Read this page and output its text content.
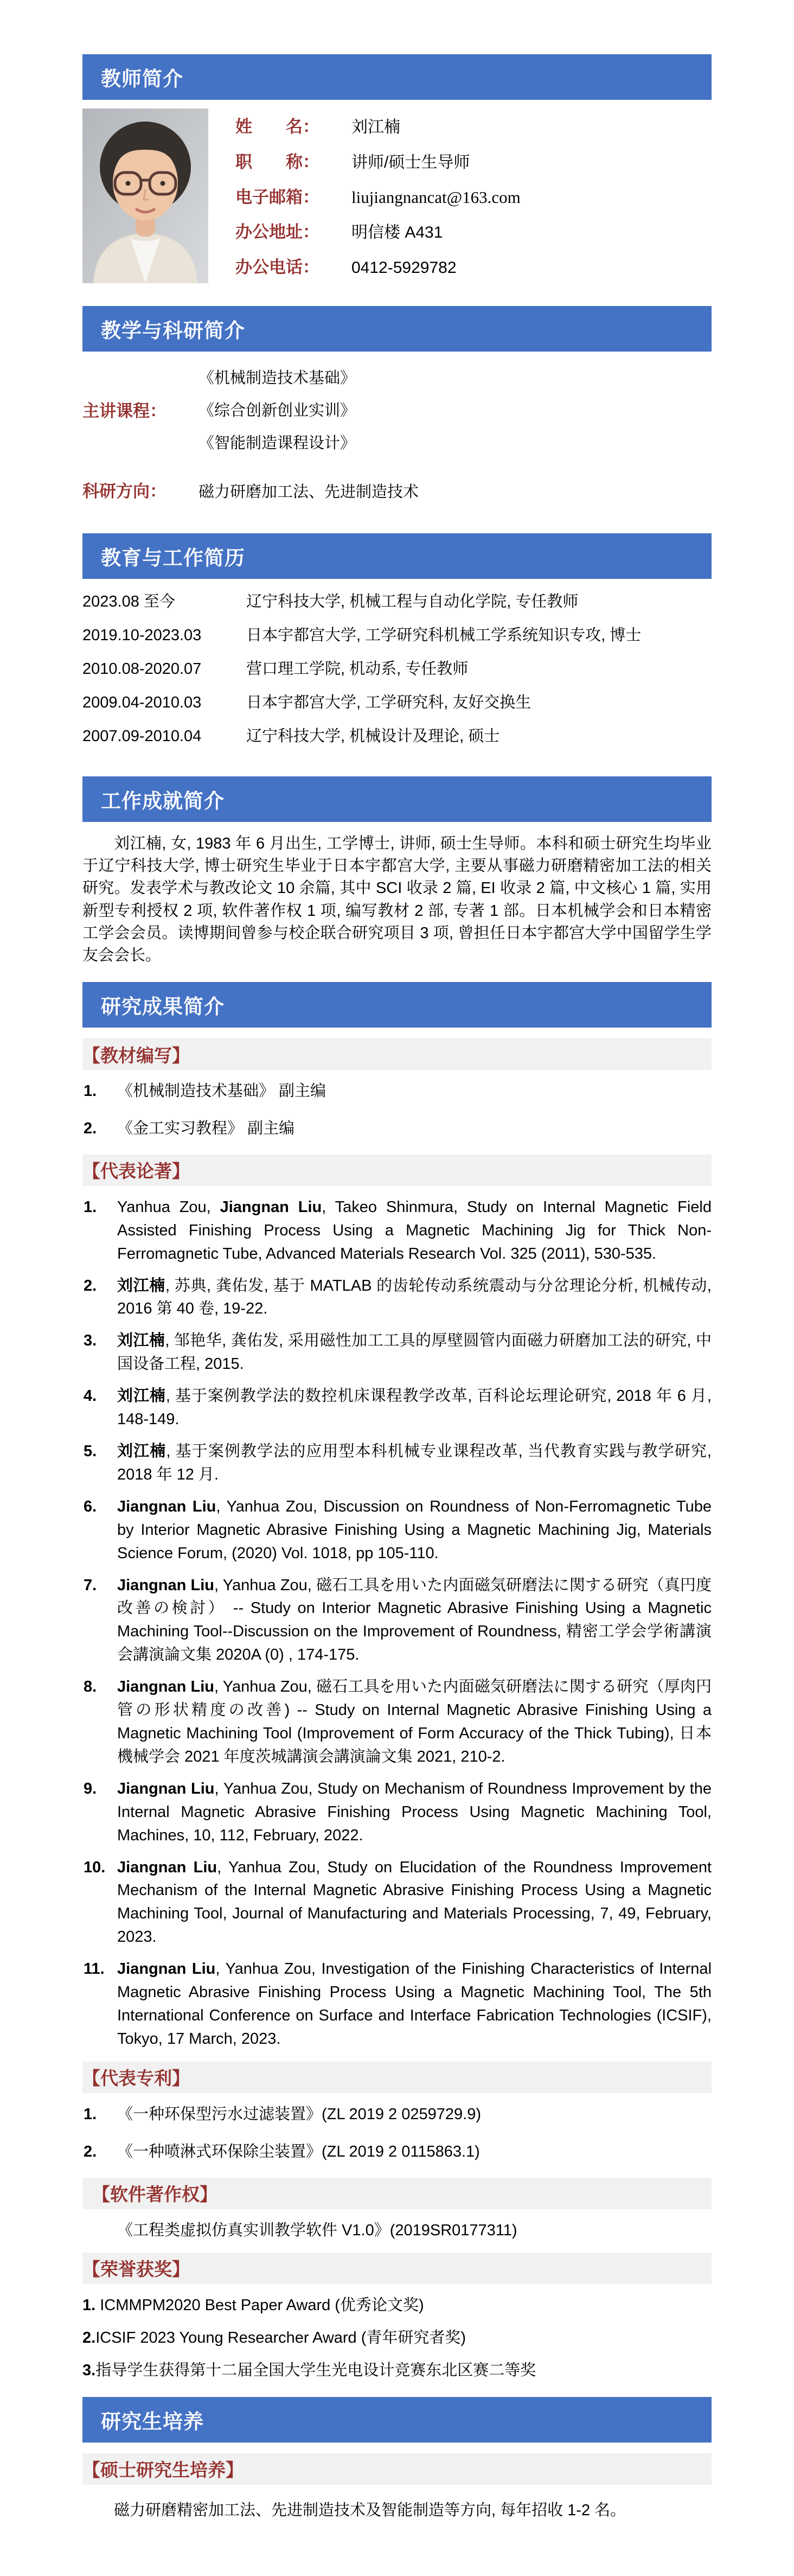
教师简介
姓　　名：	刘江楠
职　　称：	讲师/硕士生导师
电子邮箱：	liujiangnancat@163.com
办公地址：	明信楼 A431
办公电话：	0412-5929782
教学与科研简介
主讲课程：
《机械制造技术基础》
《综合创新创业实训》
《智能制造课程设计》
科研方向：	磁力研磨加工法、先进制造技术
教育与工作简历
2023.08 至今	辽宁科技大学, 机械工程与自动化学院, 专任教师
2019.10-2023.03	日本宇都宫大学, 工学研究科机械工学系统知识专攻, 博士
2010.08-2020.07	营口理工学院, 机动系, 专任教师
2009.04-2010.03	日本宇都宫大学, 工学研究科, 友好交换生
2007.09-2010.04	辽宁科技大学, 机械设计及理论, 硕士
工作成就简介

刘江楠, 女, 1983 年 6 月出生, 工学博士, 讲师, 硕士生导师。本科和硕士研究生均毕业于辽宁科技大学, 博士研究生毕业于日本宇都宫大学, 主要从事磁力研磨精密加工法的相关研究。发表学术与教改论文 10 余篇, 其中 SCI 收录 2 篇, EI 收录 2 篇, 中文核心 1 篇, 实用新型专利授权 2 项, 软件著作权 1 项, 编写教材 2 部, 专著 1 部。日本机械学会和日本精密工学会会员。读博期间曾参与校企联合研究项目 3 项, 曾担任日本宇都宫大学中国留学生学友会会长。

研究成果简介
【教材编写】
1. 《机械制造技术基础》 副主编
2. 《金工实习教程》 副主编
【代表论著】
1. Yanhua Zou, Jiangnan Liu, Takeo Shinmura, Study on Internal Magnetic Field Assisted Finishing Process Using a Magnetic Machining Jig for Thick Non-Ferromagnetic Tube, Advanced Materials Research Vol. 325 (2011), 530-535.
2. 刘江楠, 苏典, 龚佑发, 基于 MATLAB 的齿轮传动系统震动与分岔理论分析, 机械传动, 2016 第 40 卷, 19-22.
3. 刘江楠, 邹艳华, 龚佑发, 采用磁性加工工具的厚壁圆管内面磁力研磨加工法的研究, 中国设备工程, 2015.
4. 刘江楠, 基于案例教学法的数控机床课程教学改革, 百科论坛理论研究, 2018 年 6 月, 148-149.
5. 刘江楠, 基于案例教学法的应用型本科机械专业课程改革, 当代教育实践与教学研究, 2018 年 12 月.
6. Jiangnan Liu, Yanhua Zou, Discussion on Roundness of Non-Ferromagnetic Tube by Interior Magnetic Abrasive Finishing Using a Magnetic Machining Jig, Materials Science Forum, (2020) Vol. 1018, pp 105-110.
7. Jiangnan Liu, Yanhua Zou, 磁石工具を用いた内面磁気研磨法に関する研究（真円度改善の検討） -- Study on Interior Magnetic Abrasive Finishing Using a Magnetic Machining Tool--Discussion on the Improvement of Roundness, 精密工学会学術講演会講演論文集 2020A (0) , 174-175.
8. Jiangnan Liu, Yanhua Zou, 磁石工具を用いた内面磁気研磨法に関する研究（厚肉円管の形状精度の改善) -- Study on Internal Magnetic Abrasive Finishing Using a Magnetic Machining Tool (Improvement of Form Accuracy of the Thick Tubing), 日本機械学会 2021 年度茨城講演会講演論文集 2021, 210-2.
9. Jiangnan Liu, Yanhua Zou, Study on Mechanism of Roundness Improvement by the Internal Magnetic Abrasive Finishing Process Using Magnetic Machining Tool, Machines, 10, 112, February, 2022.
10. Jiangnan Liu, Yanhua Zou, Study on Elucidation of the Roundness Improvement Mechanism of the Internal Magnetic Abrasive Finishing Process Using a Magnetic Machining Tool, Journal of Manufacturing and Materials Processing, 7, 49, February, 2023.
11. Jiangnan Liu, Yanhua Zou, Investigation of the Finishing Characteristics of Internal Magnetic Abrasive Finishing Process Using a Magnetic Machining Tool, The 5th International Conference on Surface and Interface Fabrication Technologies (ICSIF), Tokyo, 17 March, 2023.
【代表专利】
1. 《一种环保型污水过滤装置》(ZL 2019 2 0259729.9)
2. 《一种喷淋式环保除尘装置》(ZL 2019 2 0115863.1)
【软件著作权】
《工程类虚拟仿真实训教学软件 V1.0》(2019SR0177311)
【荣誉获奖】
1. ICMMPM2020 Best Paper Award (优秀论文奖)
2.ICSIF 2023 Young Researcher Award (青年研究者奖)
3.指导学生获得第十二届全国大学生光电设计竞赛东北区赛二等奖
研究生培养
【硕士研究生培养】

磁力研磨精密加工法、先进制造技术及智能制造等方向, 每年招收 1-2 名。
